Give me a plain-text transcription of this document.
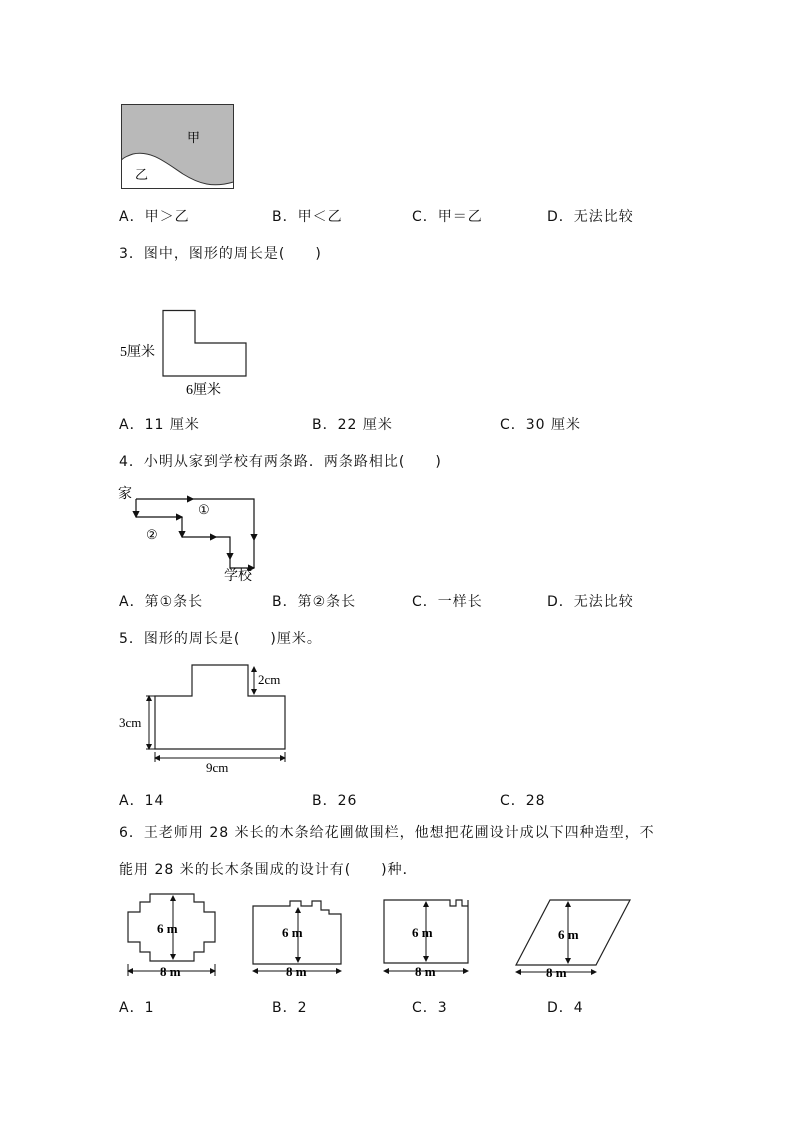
甲
乙
A．甲＞乙	B．甲＜乙	C．甲＝乙	D．无法比较
3．图中，图形的周长是(　　)
5厘米
6厘米
A．11 厘米	B．22 厘米	C．30 厘米
4．小明从家到学校有两条路．两条路相比(　　)
家
学校
①
②
A．第①条长	B．第②条长	C．一样长	D．无法比较
5．图形的周长是(　　)厘米。
2cm
3cm
9cm
A．14	B．26	C．28
6．王老师用 28 米长的木条给花圃做围栏，他想把花圃设计成以下四种造型，不
能用 28 米的长木条围成的设计有(　　)种．
6 m
8 m
6 m
8 m
6 m
8 m
6 m
8 m
A．1	B．2	C．3	D．4
